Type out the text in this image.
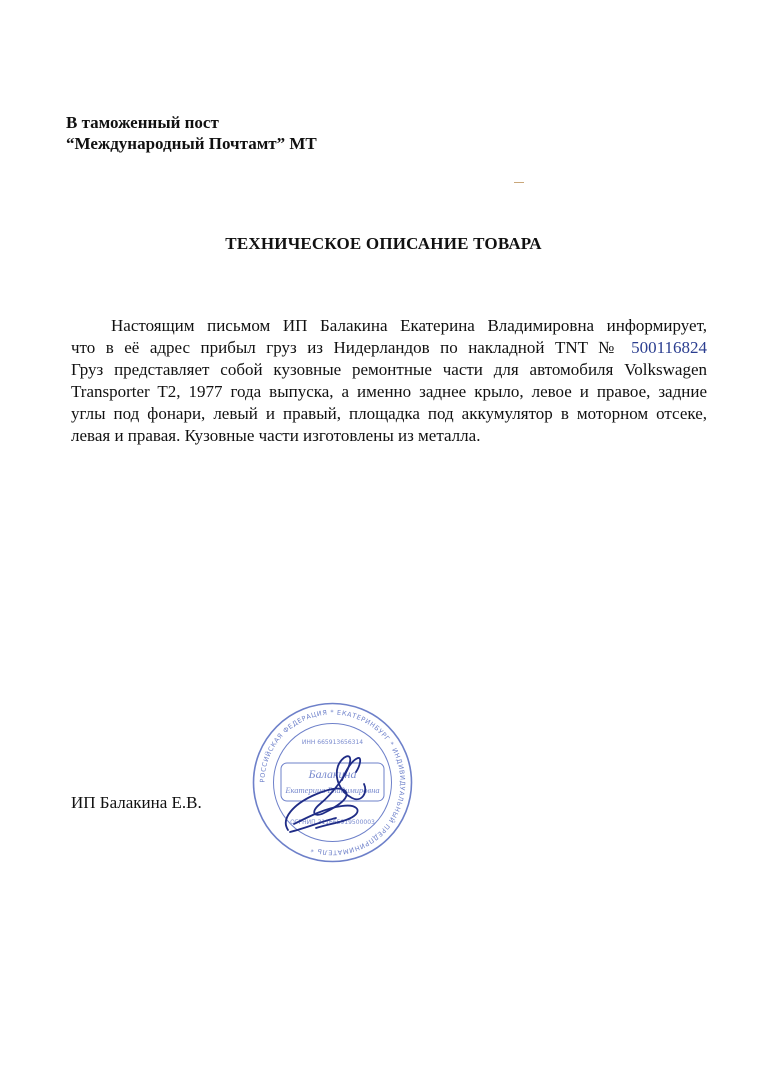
В таможенный пост
“Международный Почтамт” МТ
ТЕХНИЧЕСКОЕ ОПИСАНИЕ ТОВАРА
Настоящим письмом ИП Балакина Екатерина Владимировна информирует,
что в её адрес прибыл груз из Нидерландов по накладной TNT № 500116824
Груз представляет собой кузовные ремонтные части для автомобиля Volkswagen
Transporter T2, 1977 года выпуска, а именно заднее крыло, левое и правое, задние
углы под фонари, левый и правый, площадка под аккумулятор в моторном отсеке,
левая и правая. Кузовные части изготовлены из металла.
ИП Балакина Е.В.
РОССИЙСКАЯ ФЕДЕРАЦИЯ * ЕКАТЕРИНБУРГ * ИНДИВИДУАЛЬНЫЙ ПРЕДПРИНИМАТЕЛЬ *
ИНН 665913656314
Балакина
Екатерина Владимировна
ОГРНИП 311665919500003
